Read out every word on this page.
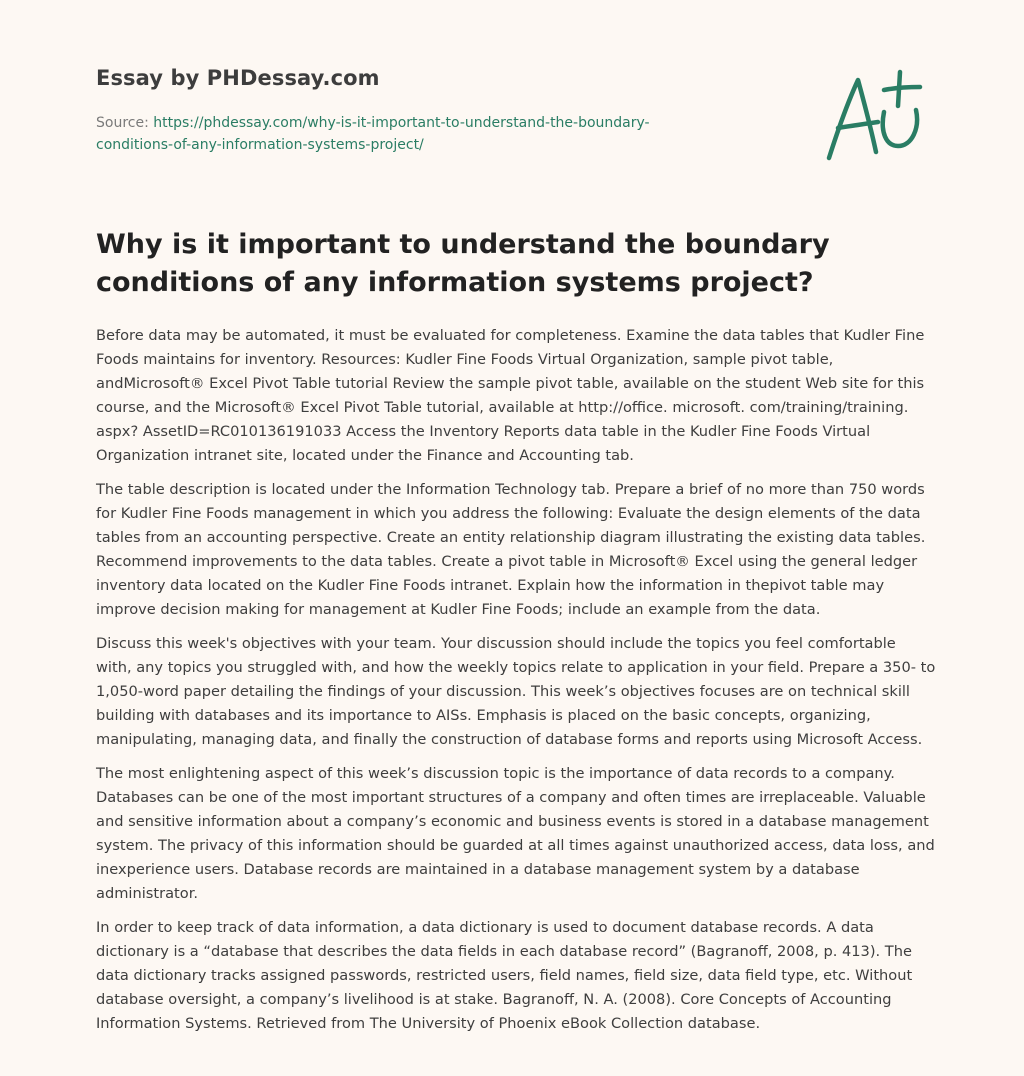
Essay by PHDessay.com
Source: https://phdessay.com/why-is-it-important-to-understand-the-boundary-
conditions-of-any-information-systems-project/
Why is it important to understand the boundary conditions of any information systems project?

Before data may be automated, it must be evaluated for completeness. Examine the data tables that Kudler Fine Foods maintains for inventory. Resources: Kudler Fine Foods Virtual Organization, sample pivot table, andMicrosoft® Excel Pivot Table tutorial Review the sample pivot table, available on the student Web site for this course, and the Microsoft® Excel Pivot Table tutorial, available at http://office. microsoft. com/training/training. aspx? AssetID=RC010136191033 Access the Inventory Reports data table in the Kudler Fine Foods Virtual Organization intranet site, located under the Finance and Accounting tab.

The table description is located under the Information Technology tab. Prepare a brief of no more than 750 words for Kudler Fine Foods management in which you address the following: Evaluate the design elements of the data tables from an accounting perspective. Create an entity relationship diagram illustrating the existing data tables. Recommend improvements to the data tables. Create a pivot table in Microsoft® Excel using the general ledger inventory data located on the Kudler Fine Foods intranet. Explain how the information in thepivot table may improve decision making for management at Kudler Fine Foods; include an example from the data.

Discuss this week's objectives with your team. Your discussion should include the topics you feel comfortable with, any topics you struggled with, and how the weekly topics relate to application in your field. Prepare a 350- to 1,050-word paper detailing the findings of your discussion. This week’s objectives focuses are on technical skill building with databases and its importance to AISs. Emphasis is placed on the basic concepts, organizing, manipulating, managing data, and finally the construction of database forms and reports using Microsoft Access.

The most enlightening aspect of this week’s discussion topic is the importance of data records to a company. Databases can be one of the most important structures of a company and often times are irreplaceable. Valuable and sensitive information about a company’s economic and business events is stored in a database management system. The privacy of this information should be guarded at all times against unauthorized access, data loss, and inexperience users. Database records are maintained in a database management system by a database administrator.

In order to keep track of data information, a data dictionary is used to document database records. A data dictionary is a “database that describes the data fields in each database record” (Bagranoff, 2008, p. 413). The data dictionary tracks assigned passwords, restricted users, field names, field size, data field type, etc. Without database oversight, a company’s livelihood is at stake. Bagranoff, N. A. (2008). Core Concepts of Accounting Information Systems. Retrieved from The University of Phoenix eBook Collection database.
